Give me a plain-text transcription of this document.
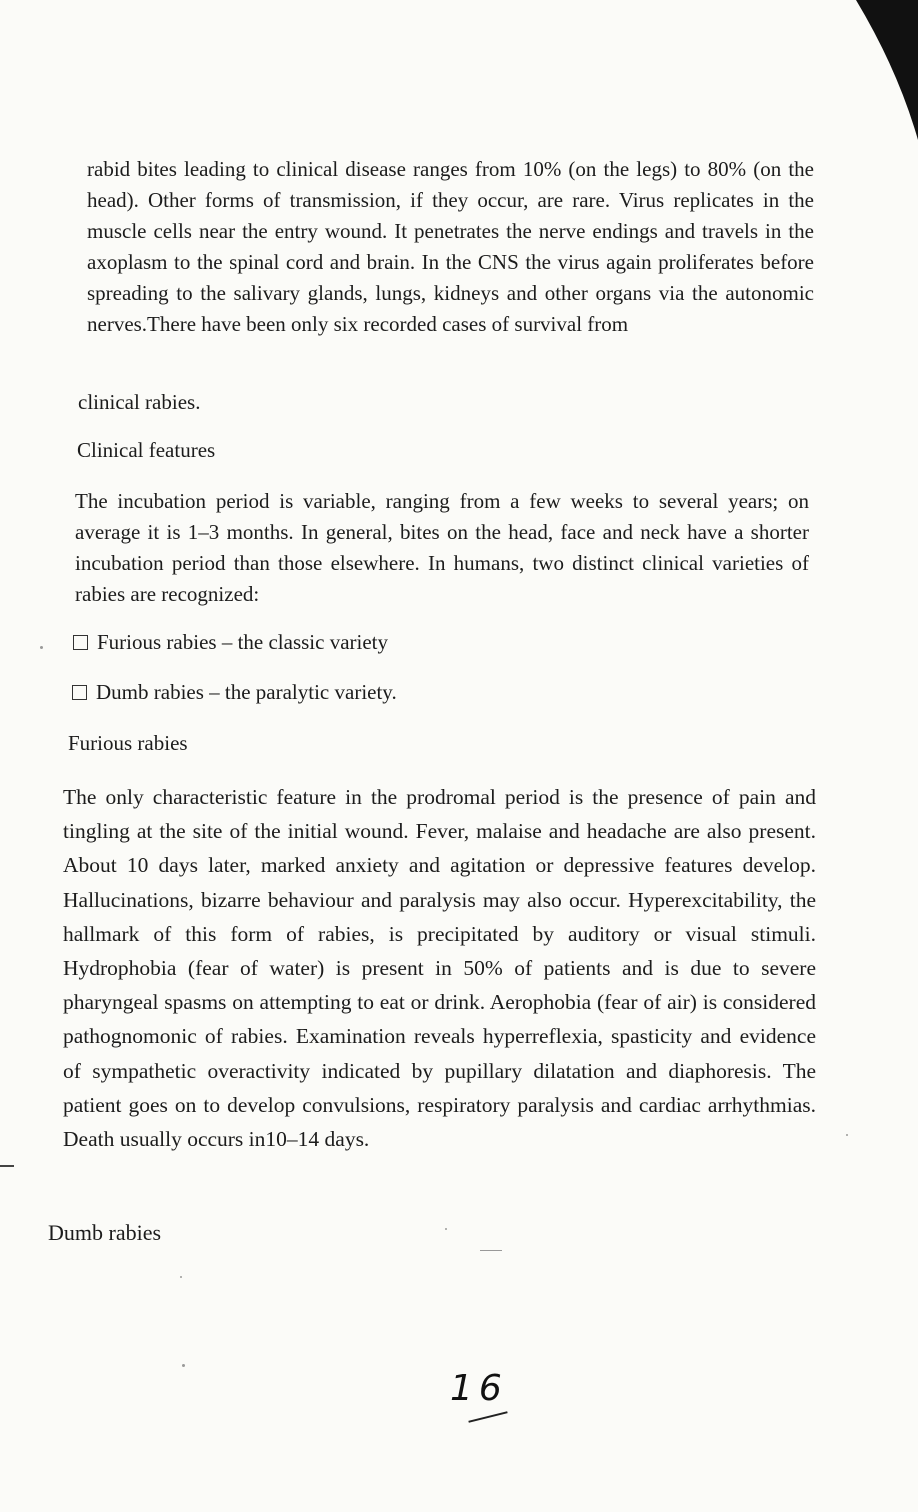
rabid bites leading to clinical disease ranges from 10% (on the legs) to 80% (on the head). Other forms of transmission, if they occur, are rare. Virus replicates in the muscle cells near the entry wound. It penetrates the nerve endings and travels in the axoplasm to the spinal cord and brain. In the CNS the virus again proliferates before spreading to the salivary glands, lungs, kidneys and other organs via the autonomic nerves.There have been only six recorded cases of survival from

clinical rabies.

Clinical features

The incubation period is variable, ranging from a few weeks to several years; on average it is 1–3 months. In general, bites on the head, face and neck have a shorter incubation period than those elsewhere. In humans, two distinct clinical varieties of rabies are recognized:

Furious rabies – the classic variety

Dumb rabies – the paralytic variety.

Furious rabies

The only characteristic feature in the prodromal period is the presence of pain and tingling at the site of the initial wound. Fever, malaise and headache are also present. About 10 days later, marked anxiety and agitation or depressive features develop. Hallucinations, bizarre behaviour and paralysis may also occur. Hyperexcitability, the hallmark of this form of rabies, is precipitated by auditory or visual stimuli. Hydrophobia (fear of water) is present in 50% of patients and is due to severe pharyngeal spasms on attempting to eat or drink. Aerophobia (fear of air) is considered pathognomonic of rabies. Examination reveals hyperreflexia, spasticity and evidence of sympathetic overactivity indicated by pupillary dilatation and diaphoresis. The patient goes on to develop convulsions, respiratory paralysis and cardiac arrhythmias. Death usually occurs in10–14 days.

Dumb rabies

16
